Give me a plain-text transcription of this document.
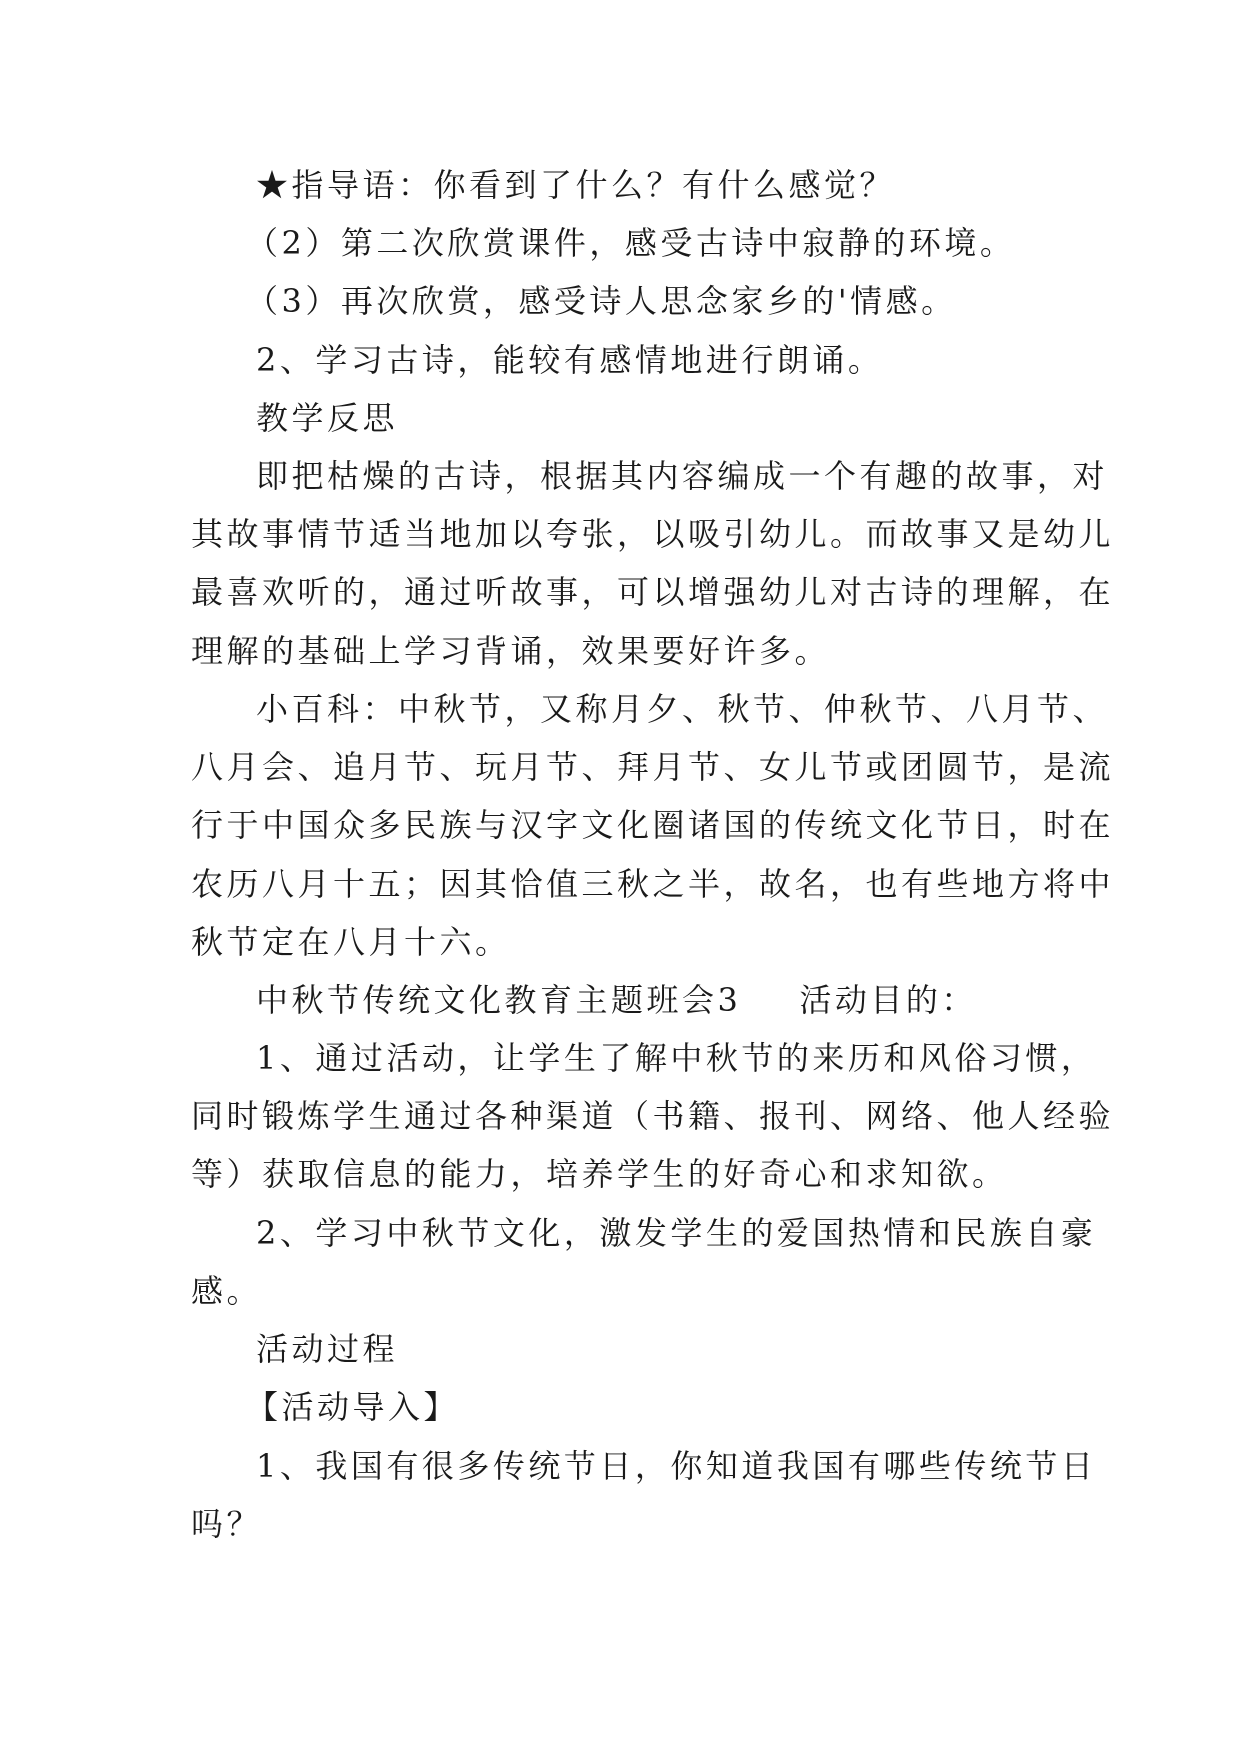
★指导语：你看到了什么？有什么感觉？
（2）第二次欣赏课件，感受古诗中寂静的环境。
（3）再次欣赏，感受诗人思念家乡的'情感。
2、学习古诗，能较有感情地进行朗诵。
教学反思
即把枯燥的古诗，根据其内容编成一个有趣的故事，对
其故事情节适当地加以夸张，以吸引幼儿。而故事又是幼儿
最喜欢听的，通过听故事，可以增强幼儿对古诗的理解，在
理解的基础上学习背诵，效果要好许多。
小百科：中秋节，又称月夕、秋节、仲秋节、八月节、
八月会、追月节、玩月节、拜月节、女儿节或团圆节，是流
行于中国众多民族与汉字文化圈诸国的传统文化节日，时在
农历八月十五；因其恰值三秋之半，故名，也有些地方将中
秋节定在八月十六。
中秋节传统文化教育主题班会3 活动目的：
1、通过活动，让学生了解中秋节的来历和风俗习惯，
同时锻炼学生通过各种渠道（书籍、报刊、网络、他人经验
等）获取信息的能力，培养学生的好奇心和求知欲。
2、学习中秋节文化，激发学生的爱国热情和民族自豪
感。
活动过程
【活动导入】
1、我国有很多传统节日，你知道我国有哪些传统节日
吗？
